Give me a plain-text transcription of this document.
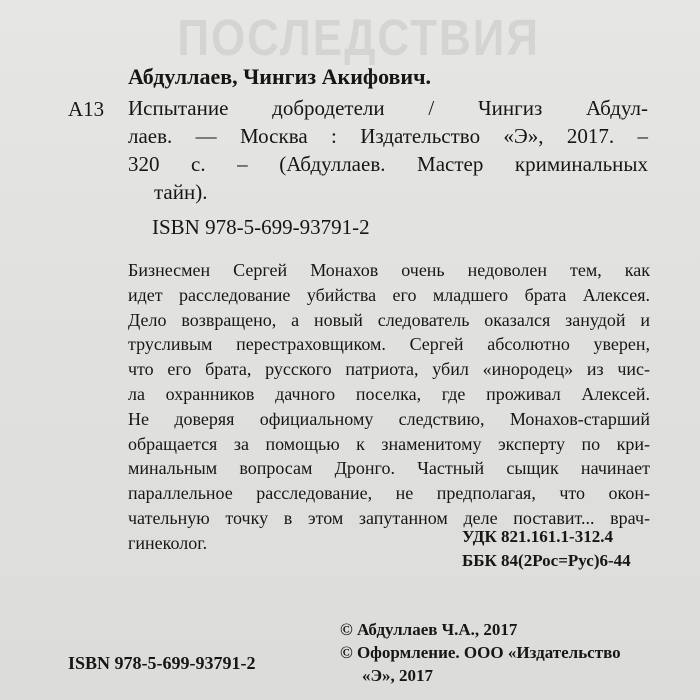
ПОСЛЕДСТВИЯ
Абдуллаев, Чингиз Акифович.
А13 Испытание добродетели / Чингиз Абдул-
лаев. — Москва : Издательство «Э», 2017. –
320 с. – (Абдуллаев. Мастер криминальных
тайн).
ISBN 978-5-699-93791-2
Бизнесмен Сергей Монахов очень недоволен тем, как
идет расследование убийства его младшего брата Алексея.
Дело возвращено, а новый следователь оказался занудой и
трусливым перестраховщиком. Сергей абсолютно уверен,
что его брата, русского патриота, убил «инородец» из чис-
ла охранников дачного поселка, где проживал Алексей.
Не доверяя официальному следствию, Монахов-старший
обращается за помощью к знаменитому эксперту по кри-
минальным вопросам Дронго. Частный сыщик начинает
параллельное расследование, не предполагая, что окон-
чательную точку в этом запутанном деле поставит... врач-
гинеколог.	УДК 821.161.1-312.4
ББК 84(2Рос=Рус)6-44
© Абдуллаев Ч.А., 2017
© Оформление. ООО «Издательство
«Э», 2017
ISBN 978-5-699-93791-2
